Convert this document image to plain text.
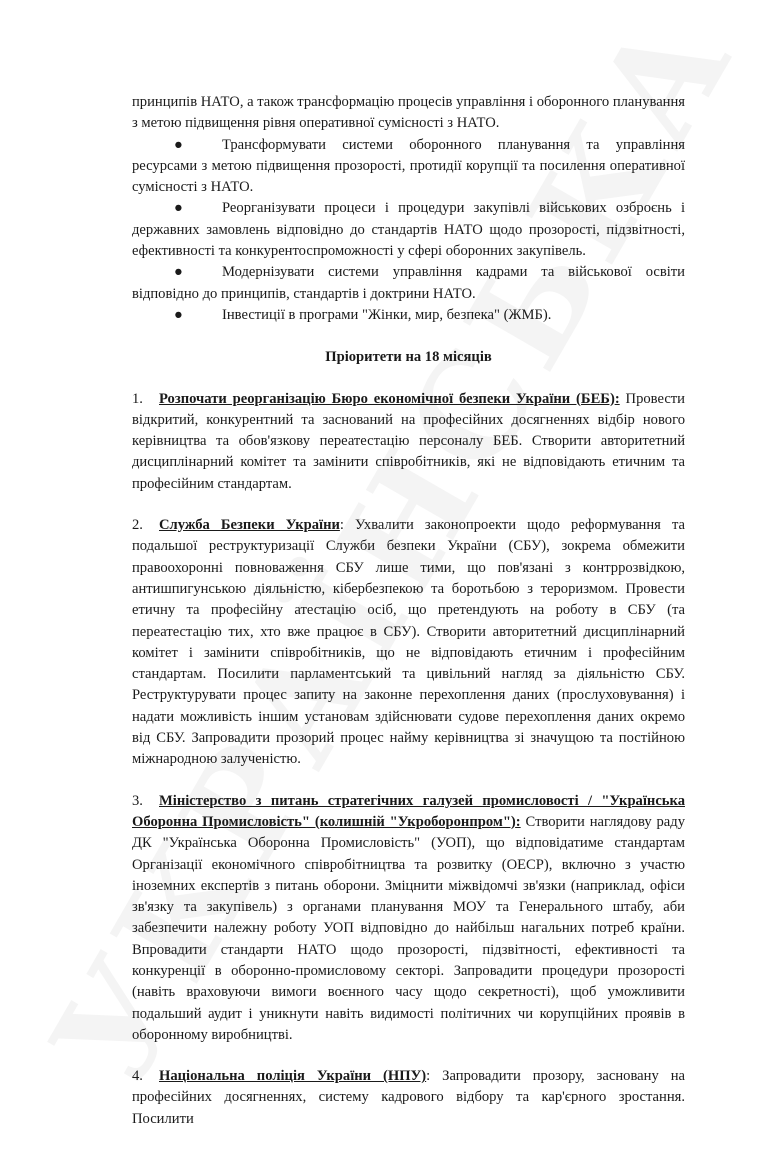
принципів НАТО, а також трансформацію процесів управління і оборонного планування з метою підвищення рівня оперативної сумісності з НАТО.

●	Трансформувати системи оборонного планування та управління ресурсами з метою підвищення прозорості, протидії корупції та посилення оперативної сумісності з НАТО.

●	Реорганізувати процеси і процедури закупівлі військових озброєнь і державних замовлень відповідно до стандартів НАТО щодо прозорості, підзвітності, ефективності та конкурентоспроможності у сфері оборонних закупівель.

●	Модернізувати системи управління кадрами та військової освіти відповідно до принципів, стандартів і доктрини НАТО.

●	Інвестиції в програми "Жінки, мир, безпека" (ЖМБ).

Пріоритети на 18 місяців

1. Розпочати реорганізацію Бюро економічної безпеки України (БЕБ): Провести відкритий, конкурентний та заснований на професійних досягненнях відбір нового керівництва та обов'язкову переатестацію персоналу БЕБ. Створити авторитетний дисциплінарний комітет та замінити співробітників, які не відповідають етичним та професійним стандартам.

2. Служба Безпеки України: Ухвалити законопроекти щодо реформування та подальшої реструктуризації Служби безпеки України (СБУ), зокрема обмежити правоохоронні повноваження СБУ лише тими, що пов'язані з контррозвідкою, антишпигунською діяльністю, кібербезпекою та боротьбою з тероризмом. Провести етичну та професійну атестацію осіб, що претендують на роботу в СБУ (та переатестацію тих, хто вже працює в СБУ). Створити авторитетний дисциплінарний комітет і замінити співробітників, що не відповідають етичним і професійним стандартам. Посилити парламентський та цивільний нагляд за діяльністю СБУ. Реструктурувати процес запиту на законне перехоплення даних (прослуховування) і надати можливість іншим установам здійснювати судове перехоплення даних окремо від СБУ. Запровадити прозорий процес найму керівництва зі значущою та постійною міжнародною залученістю.

3. Міністерство з питань стратегічних галузей промисловості / "Українська Оборонна Промисловість" (колишній "Укроборонпром"): Створити наглядову раду ДК "Українська Оборонна Промисловість" (УОП), що відповідатиме стандартам Організації економічного співробітництва та розвитку (ОЕСР), включно з участю іноземних експертів з питань оборони. Зміцнити міжвідомчі зв'язки (наприклад, офіси зв'язку та закупівель) з органами планування МОУ та Генерального штабу, аби забезпечити належну роботу УОП відповідно до найбільш нагальних потреб країни. Впровадити стандарти НАТО щодо прозорості, підзвітності, ефективності та конкуренції в оборонно-промисловому секторі. Запровадити процедури прозорості (навіть враховуючи вимоги воєнного часу щодо секретності), щоб уможливити подальший аудит і уникнути навіть видимості політичних чи корупційних проявів в оборонному виробництві.

4. Національна поліція України (НПУ): Запровадити прозору, засновану на професійних досягненнях, систему кадрового відбору та кар'єрного зростання. Посилити
